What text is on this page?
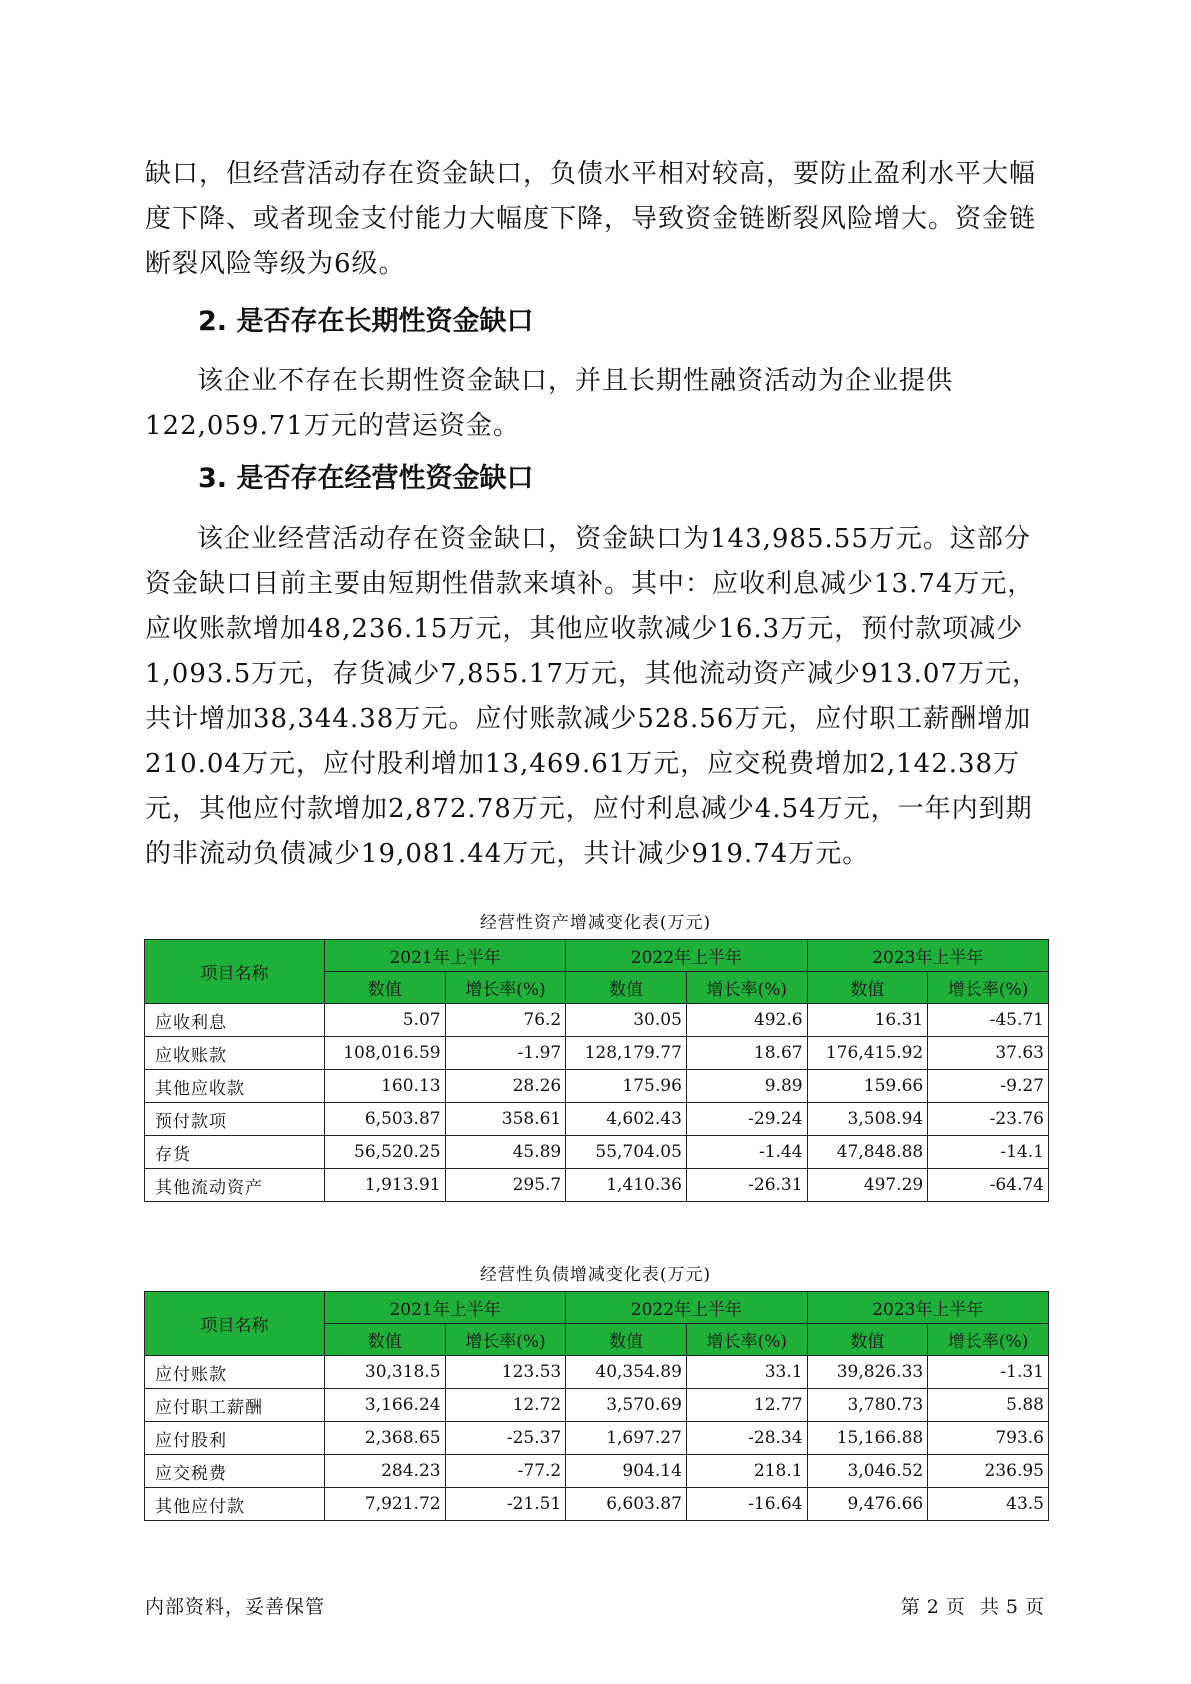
缺口，但经营活动存在资金缺口，负债水平相对较高，要防止盈利水平大幅度下降、或者现金支付能力大幅度下降，导致资金链断裂风险增大。资金链断裂风险等级为6级。

2. 是否存在长期性资金缺口

该企业不存在长期性资金缺口，并且长期性融资活动为企业提供122,059.71万元的营运资金。

3. 是否存在经营性资金缺口

该企业经营活动存在资金缺口，资金缺口为143,985.55万元。这部分资金缺口目前主要由短期性借款来填补。其中：应收利息减少13.74万元，应收账款增加48,236.15万元，其他应收款减少16.3万元，预付款项减少1,093.5万元，存货减少7,855.17万元，其他流动资产减少913.07万元，共计增加38,344.38万元。应付账款减少528.56万元，应付职工薪酬增加210.04万元，应付股利增加13,469.61万元，应交税费增加2,142.38万元，其他应付款增加2,872.78万元，应付利息减少4.54万元，一年内到期的非流动负债减少19,081.44万元，共计减少919.74万元。

经营性资产增减变化表(万元)
项目名称	2021年上半年		2022年上半年		2023年上半年	
	数值	增长率(%)	数值	增长率(%)	数值	增长率(%)
应收利息	5.07	76.2	30.05	492.6	16.31	-45.71
应收账款	108,016.59	-1.97	128,179.77	18.67	176,415.92	37.63
其他应收款	160.13	28.26	175.96	9.89	159.66	-9.27
预付款项	6,503.87	358.61	4,602.43	-29.24	3,508.94	-23.76
存货	56,520.25	45.89	55,704.05	-1.44	47,848.88	-14.1
其他流动资产	1,913.91	295.7	1,410.36	-26.31	497.29	-64.74
经营性负债增减变化表(万元)
项目名称	2021年上半年		2022年上半年		2023年上半年	
	数值	增长率(%)	数值	增长率(%)	数值	增长率(%)
应付账款	30,318.5	123.53	40,354.89	33.1	39,826.33	-1.31
应付职工薪酬	3,166.24	12.72	3,570.69	12.77	3,780.73	5.88
应付股利	2,368.65	-25.37	1,697.27	-28.34	15,166.88	793.6
应交税费	284.23	-77.2	904.14	218.1	3,046.52	236.95
其他应付款	7,921.72	-21.51	6,603.87	-16.64	9,476.66	43.5
内部资料，妥善保管	第 2 页  共 5 页
